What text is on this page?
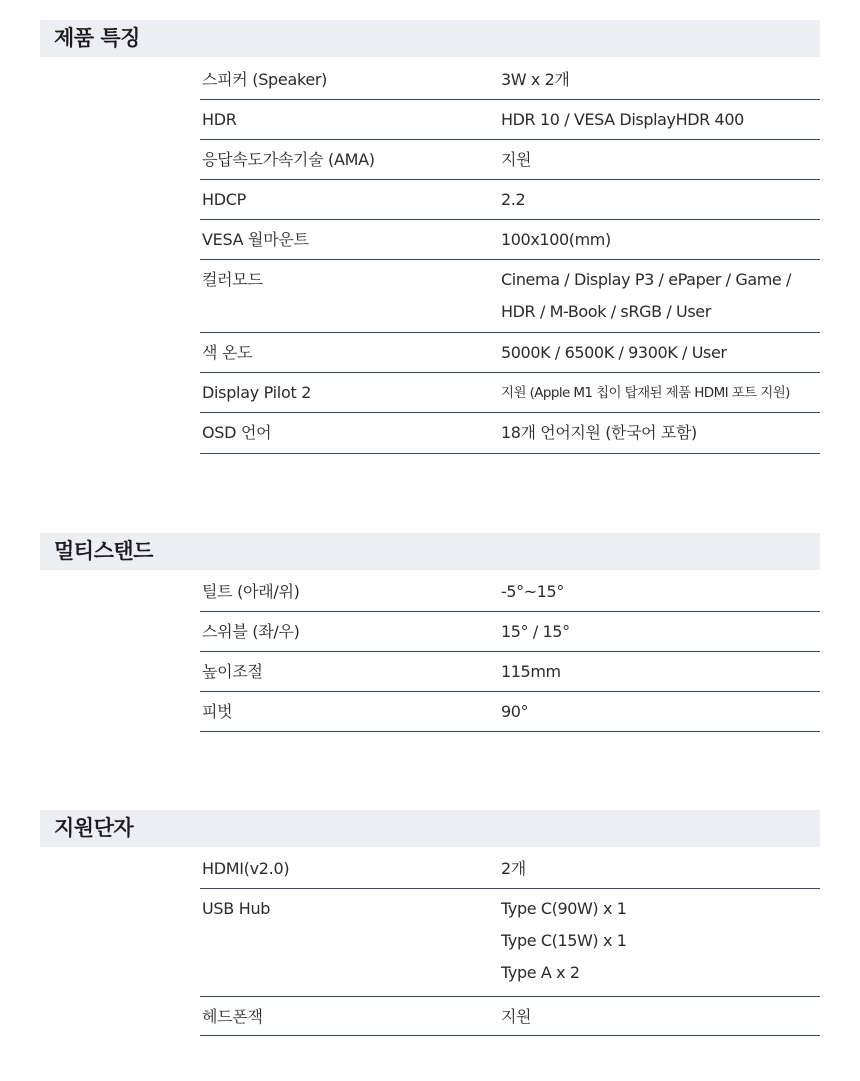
제품 특징
스피커 (Speaker)	3W x 2개
HDR	HDR 10 / VESA DisplayHDR 400
응답속도가속기술 (AMA)	지원
HDCP	2.2
VESA 월마운트	100x100(mm)
컬러모드	Cinema / Display P3 / ePaper / Game /
HDR / M-Book / sRGB / User
색 온도	5000K / 6500K / 9300K / User
Display Pilot 2	지원 (Apple M1 칩이 탑재된 제품 HDMI 포트 지원)
OSD 언어	18개 언어지원 (한국어 포함)
멀티스탠드
틸트 (아래/위)	-5°~15°
스위블 (좌/우)	15° / 15°
높이조절	115mm
피벗	90°
지원단자
HDMI(v2.0)	2개
USB Hub	Type C(90W) x 1
Type C(15W) x 1
Type A x 2
헤드폰잭	지원
